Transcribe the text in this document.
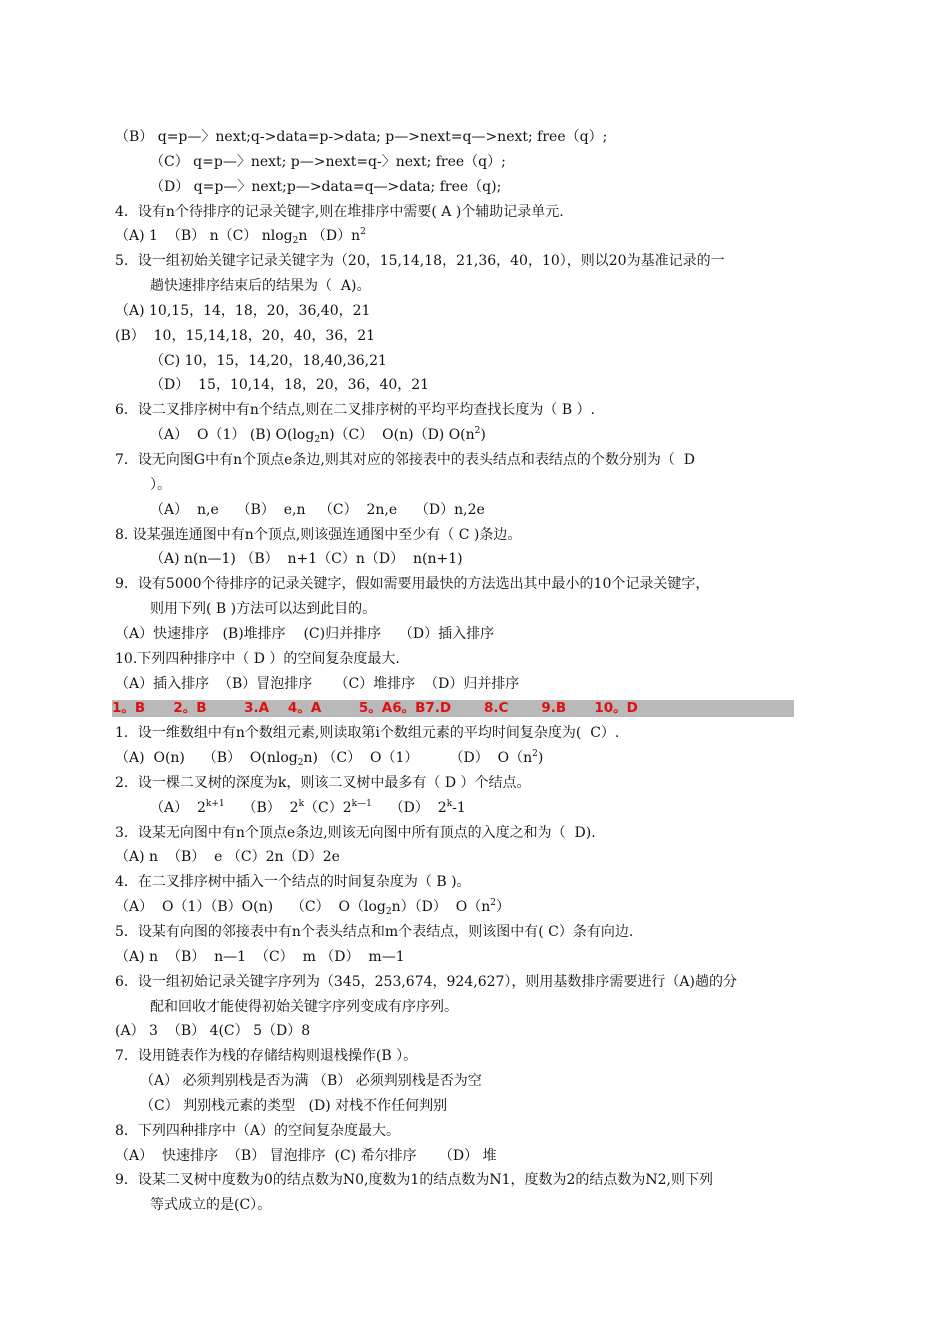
（B） q=p—〉next;q->data=p->data; p—>next=q—>next; free（q）;
（C） q=p—〉next; p—>next=q-〉next; free（q）;
（D） q=p—〉next;p—>data=q—>data; free（q);
4．设有n个待排序的记录关键字,则在堆排序中需要( A )个辅助记录单元.
（A) 1  （B） n（C） nlog$_2$n $(D)n^2$
5．设一组初始关键字记录关键字为（20，15,14,18，21,36，40，10），则以20为基准记录的一
趟快速排序结束后的结果为（  A)。
（A) 10,15，14，18，20，36,40，21
(B）  10，15,14,18，20，40，36，21
（C) 10，15，14,20，18,40,36,21
（D）  15，10,14，18，20，36，40，21
6．设二叉排序树中有n个结点,则在二叉排序树的平均平均查找长度为（ B ）.
（A）  O（1） (B) $O(\log_2n)(C)$  O(n)（D) $O(n^2)$
7．设无向图G中有n个顶点e条边,则其对应的邻接表中的表头结点和表结点的个数分别为（  D
）。
（A）  n,e    （B）  e,n   （C）  2n,e    （D）n,2e
8. 设某强连通图中有n个顶点,则该强连通图中至少有（ C )条边。
（A) n(n—1) （B）  n+1（C）n（D）  n(n+1)
9．设有5000个待排序的记录关键字，假如需要用最快的方法选出其中最小的10个记录关键字，
则用下列( B )方法可以达到此目的。
（A）快速排序   (B)堆排序    (C)归并排序    （D）插入排序
10.下列四种排序中（ D ）的空间复杂度最大.
（A）插入排序  （B）冒泡排序     （C）堆排序  （D）归并排序
1。B      2。B        3.A    4。A        5。A6。B7.D       8.C       9.B      10。D
1．设一维数组中有n个数组元素,则读取第i个数组元素的平均时间复杂度为(  C）.
（A)  O(n)    （B）  O(nlog$_2$n) （C）  O（1）       （D）  $O(n^2)$
2．设一棵二叉树的深度为k，则该二叉树中最多有（ D ）个结点。
（A）  $2^{k+1}$    （B）  $2^k(C)2^{k—1}$    （D）  2$^k$-1
3．设某无向图中有n个顶点e条边,则该无向图中所有顶点的入度之和为（  D).
（A) n  （B）  e （C）2n（D）2e
4．在二叉排序树中插入一个结点的时间复杂度为（ B )。
（A）  O（1）（B）O(n)    （C）  $O(\log_2n)(D)$  $O(n^2)$
5．设某有向图的邻接表中有n个表头结点和m个表结点，则该图中有( C）条有向边.
（A) n  （B）  n—1  （C）  m （D）  m—1
6．设一组初始记录关键字序列为（345，253,674，924,627），则用基数排序需要进行（A)趟的分
配和回收才能使得初始关键字序列变成有序序列。
(A） 3  （B） 4(C） 5（D）8
7．设用链表作为栈的存储结构则退栈操作(B ）。
（A） 必须判别栈是否为满 （B） 必须判别栈是否为空
（C） 判别栈元素的类型   (D) 对栈不作任何判别
8．下列四种排序中（A）的空间复杂度最大。
（A）  快速排序  （B） 冒泡排序  (C) 希尔排序     （D） 堆
9．设某二叉树中度数为0的结点数为N0,度数为1的结点数为N1，度数为2的结点数为N2,则下列
等式成立的是(C）。
